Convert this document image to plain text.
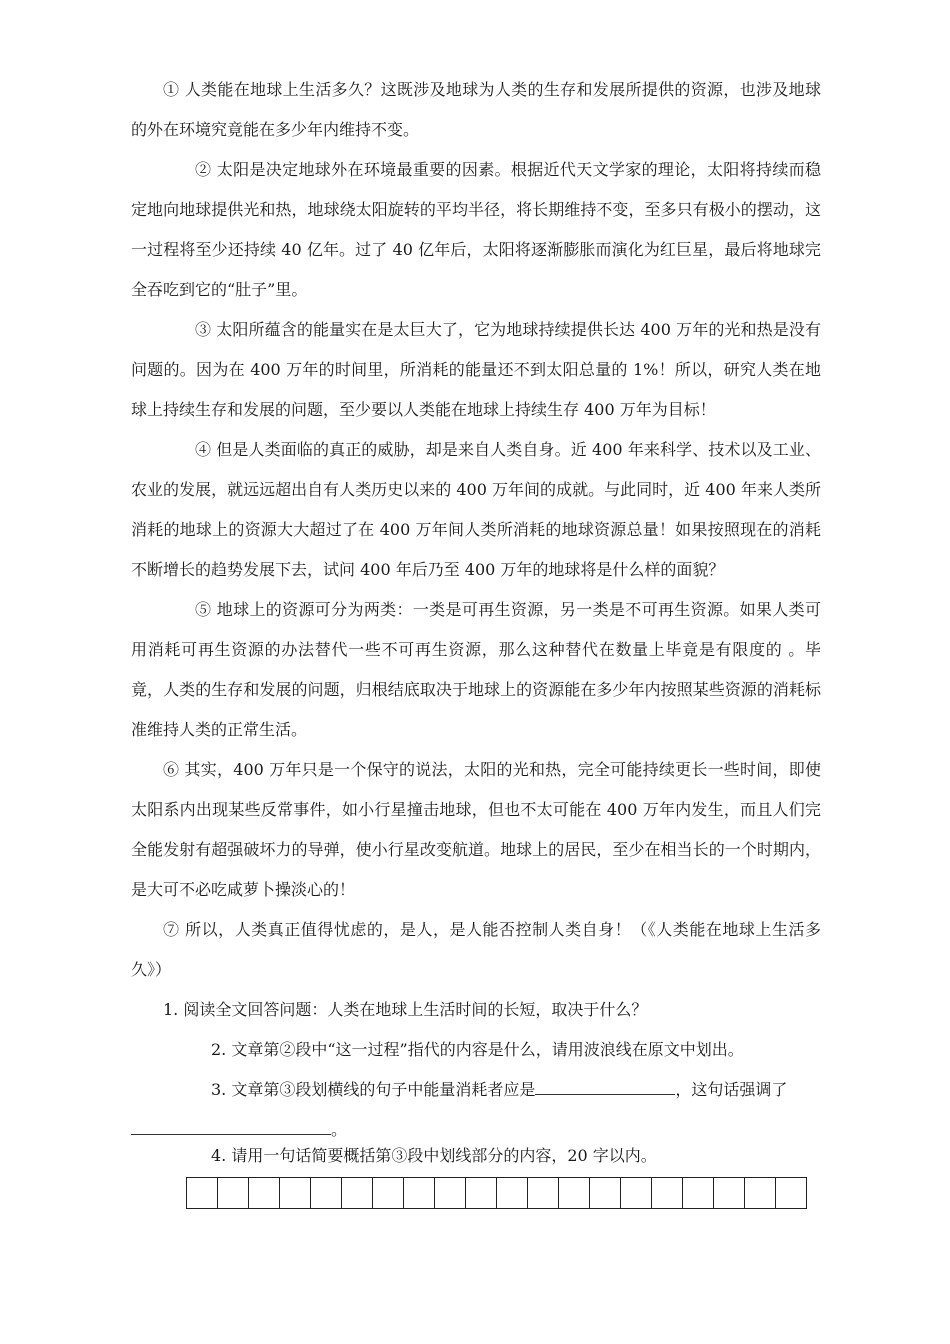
① 人类能在地球上生活多久？这既涉及地球为人类的生存和发展所提供的资源，也涉及地球的外在环境究竟能在多少年内维持不变。

② 太阳是决定地球外在环境最重要的因素。根据近代天文学家的理论，太阳将持续而稳定地向地球提供光和热，地球绕太阳旋转的平均半径，将长期维持不变，至多只有极小的摆动，这一过程将至少还持续 40 亿年。过了 40 亿年后，太阳将逐渐膨胀而演化为红巨星，最后将地球完全吞吃到它的“肚子”里。

③ 太阳所蕴含的能量实在是太巨大了，它为地球持续提供长达 400 万年的光和热是没有问题的。因为在 400 万年的时间里，所消耗的能量还不到太阳总量的 1%！所以，研究人类在地球上持续生存和发展的问题，至少要以人类能在地球上持续生存 400 万年为目标！

④ 但是人类面临的真正的威胁，却是来自人类自身。近 400 年来科学、技术以及工业、农业的发展，就远远超出自有人类历史以来的 400 万年间的成就。与此同时，近 400 年来人类所消耗的地球上的资源大大超过了在 400 万年间人类所消耗的地球资源总量！如果按照现在的消耗不断增长的趋势发展下去，试问 400 年后乃至 400 万年的地球将是什么样的面貌？

⑤ 地球上的资源可分为两类：一类是可再生资源，另一类是不可再生资源。如果人类可用消耗可再生资源的办法替代一些不可再生资源，那么这种替代在数量上毕竟是有限度的 。毕竟，人类的生存和发展的问题，归根结底取决于地球上的资源能在多少年内按照某些资源的消耗标准维持人类的正常生活。

⑥ 其实，400 万年只是一个保守的说法，太阳的光和热，完全可能持续更长一些时间，即使太阳系内出现某些反常事件，如小行星撞击地球，但也不太可能在 400 万年内发生，而且人们完全能发射有超强破坏力的导弹，使小行星改变航道。地球上的居民，至少在相当长的一个时期内，是大可不必吃咸萝卜操淡心的！

⑦ 所以，人类真正值得忧虑的，是人，是人能否控制人类自身！（《人类能在地球上生活多久》）

1. 阅读全文回答问题：人类在地球上生活时间的长短，取决于什么？

2. 文章第②段中“这一过程”指代的内容是什么，请用波浪线在原文中划出。

3. 文章第③段划横线的句子中能量消耗者应是	，这句话强调了

。

4. 请用一句话简要概括第③段中划线部分的内容，20 字以内。
